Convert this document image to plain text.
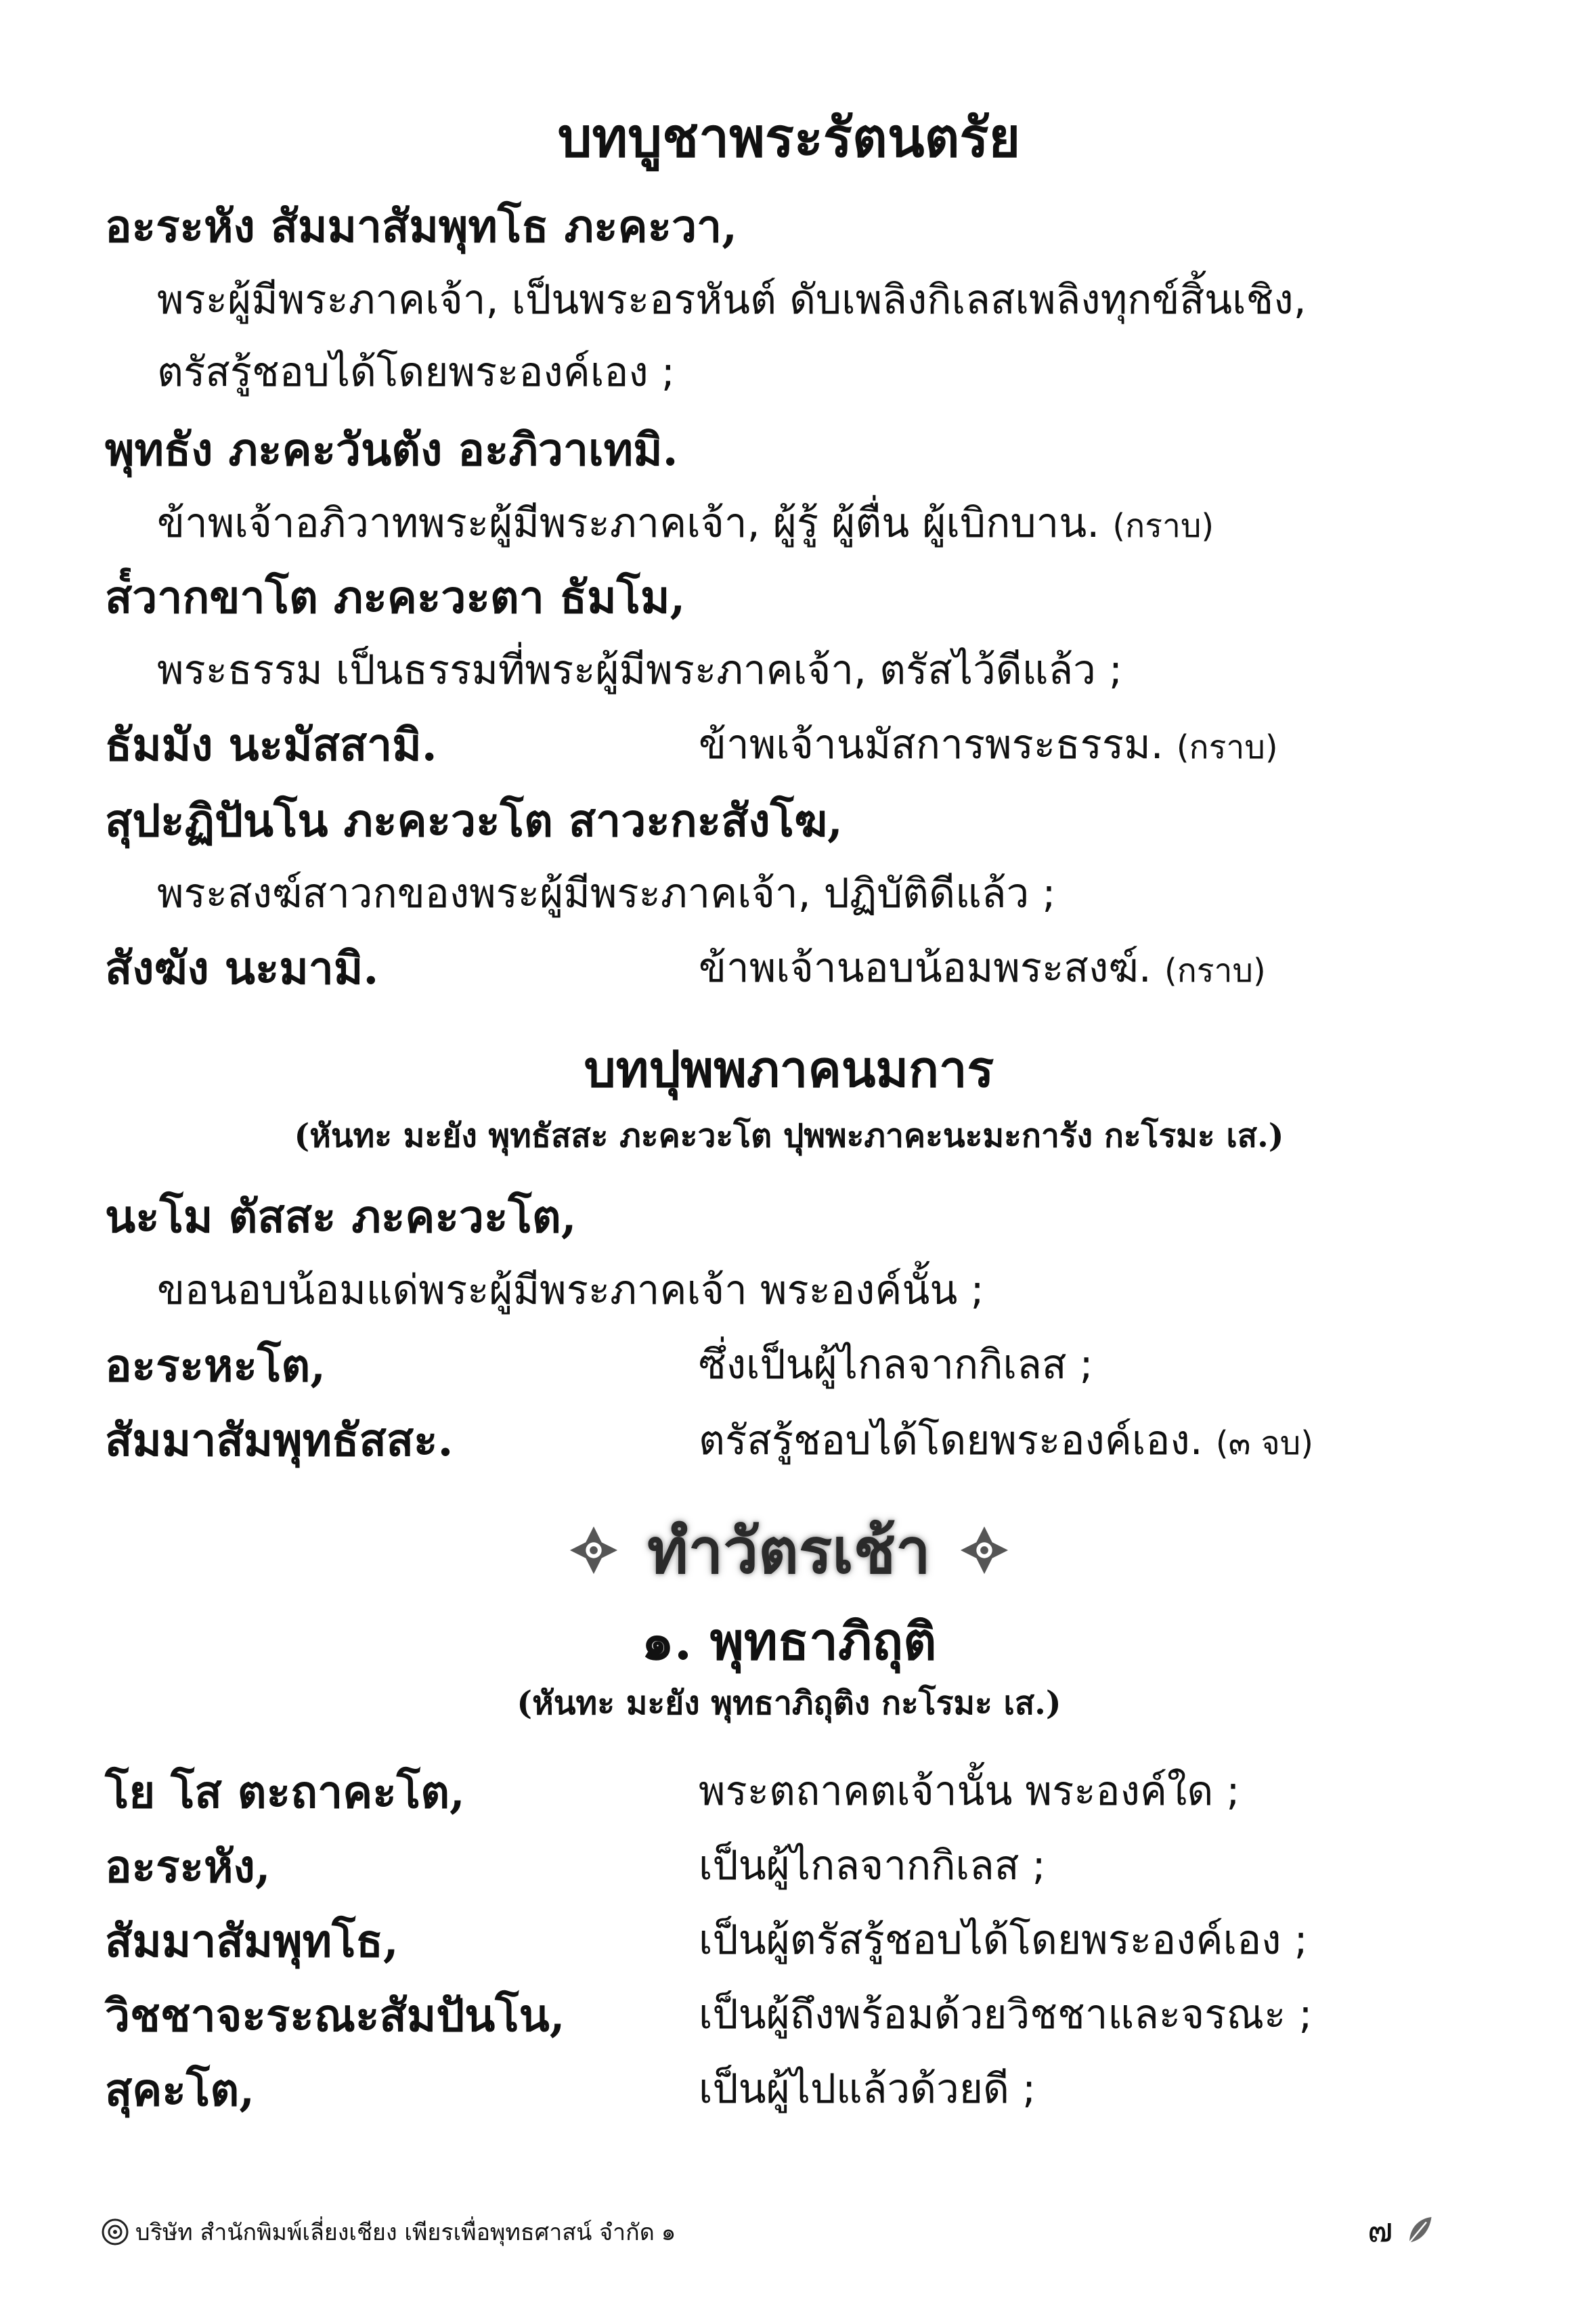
บทบูชาพระรัตนตรัย
อะระหัง สัมมาสัมพุทโธ ภะคะวา,
พระผู้มีพระภาคเจ้า, เป็นพระอรหันต์ ดับเพลิงกิเลสเพลิงทุกข์สิ้นเชิง,
ตรัสรู้ชอบได้โดยพระองค์เอง ;
พุทธัง ภะคะวันตัง อะภิวาเทมิ.
ข้าพเจ้าอภิวาทพระผู้มีพระภาคเจ้า, ผู้รู้ ผู้ตื่น ผู้เบิกบาน. (กราบ)
ส๎วากขาโต ภะคะวะตา ธัมโม,
พระธรรม เป็นธรรมที่พระผู้มีพระภาคเจ้า, ตรัสไว้ดีแล้ว ;
ธัมมัง นะมัสสามิ.	ข้าพเจ้านมัสการพระธรรม. (กราบ)
สุปะฏิปันโน ภะคะวะโต สาวะกะสังโฆ,
พระสงฆ์สาวกของพระผู้มีพระภาคเจ้า, ปฏิบัติดีแล้ว ;
สังฆัง นะมามิ.	ข้าพเจ้านอบน้อมพระสงฆ์. (กราบ)
บทปุพพภาคนมการ
(หันทะ มะยัง พุทธัสสะ ภะคะวะโต ปุพพะภาคะนะมะการัง กะโรมะ เส.)
นะโม ตัสสะ ภะคะวะโต,
ขอนอบน้อมแด่พระผู้มีพระภาคเจ้า พระองค์นั้น ;
อะระหะโต,	ซึ่งเป็นผู้ไกลจากกิเลส ;
สัมมาสัมพุทธัสสะ.	ตรัสรู้ชอบได้โดยพระองค์เอง. (๓ จบ)
ทำวัตรเช้า
๑. พุทธาภิถุติ
(หันทะ มะยัง พุทธาภิถุติง กะโรมะ เส.)
โย โส ตะถาคะโต,	พระตถาคตเจ้านั้น พระองค์ใด ;
อะระหัง,	เป็นผู้ไกลจากกิเลส ;
สัมมาสัมพุทโธ,	เป็นผู้ตรัสรู้ชอบได้โดยพระองค์เอง ;
วิชชาจะระณะสัมปันโน,	เป็นผู้ถึงพร้อมด้วยวิชชาและจรณะ ;
สุคะโต,	เป็นผู้ไปแล้วด้วยดี ;
บริษัท สำนักพิมพ์เลี่ยงเชียง เพียรเพื่อพุทธศาสน์ จำกัด ๑	๗
